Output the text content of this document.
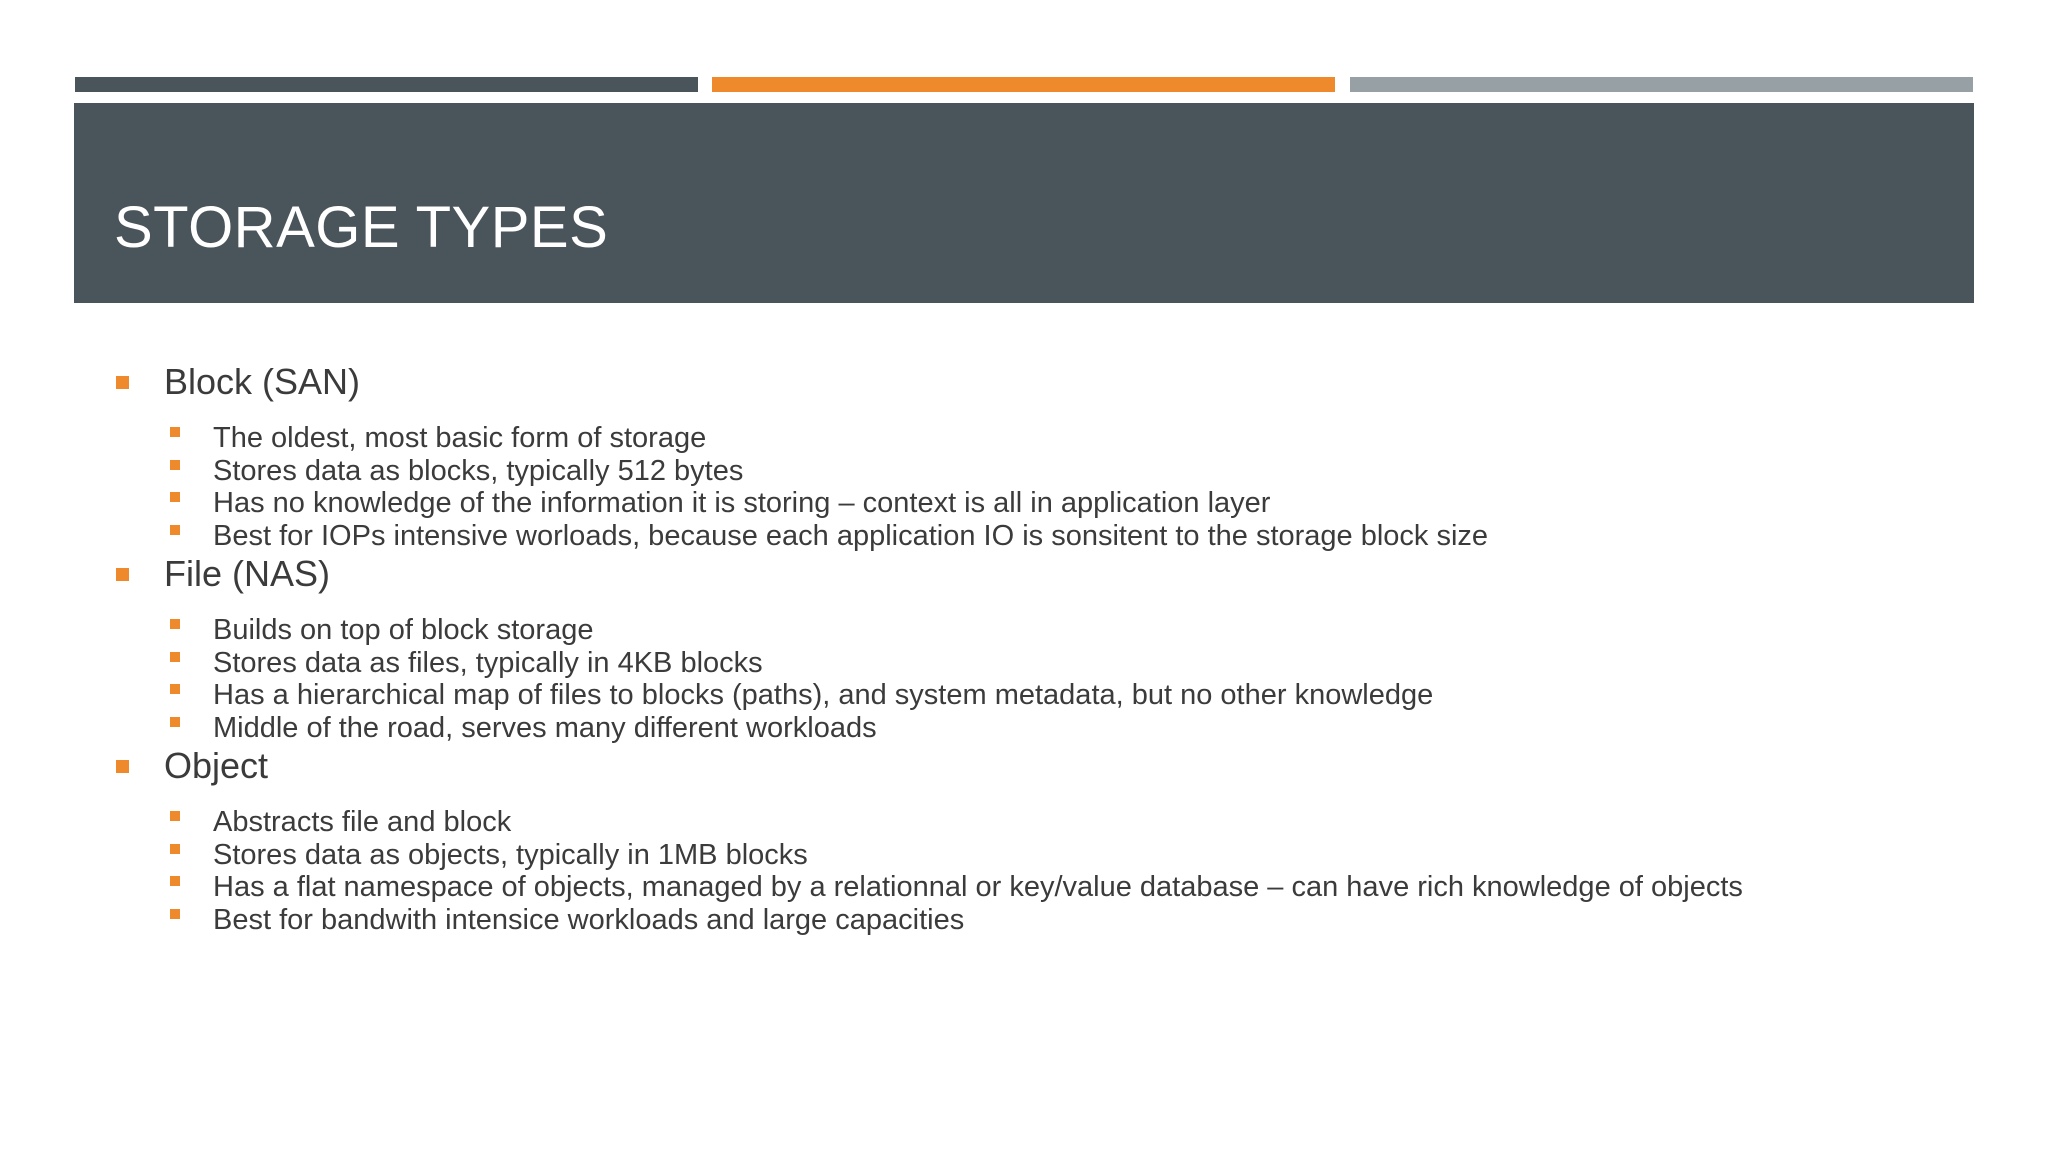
STORAGE TYPES
Block (SAN)
The oldest, most basic form of storage
Stores data as blocks, typically 512 bytes
Has no knowledge of the information it is storing – context is all in application layer
Best for IOPs intensive worloads, because each application IO is sonsitent to the storage block size
File (NAS)
Builds on top of block storage
Stores data as files, typically in 4KB blocks
Has a hierarchical map of files to blocks (paths), and system metadata, but no other knowledge
Middle of the road, serves many different workloads
Object
Abstracts file and block
Stores data as objects, typically in 1MB blocks
Has a flat namespace of objects, managed by a relationnal or key/value database – can have rich knowledge of objects
Best for bandwith intensice workloads and large capacities
